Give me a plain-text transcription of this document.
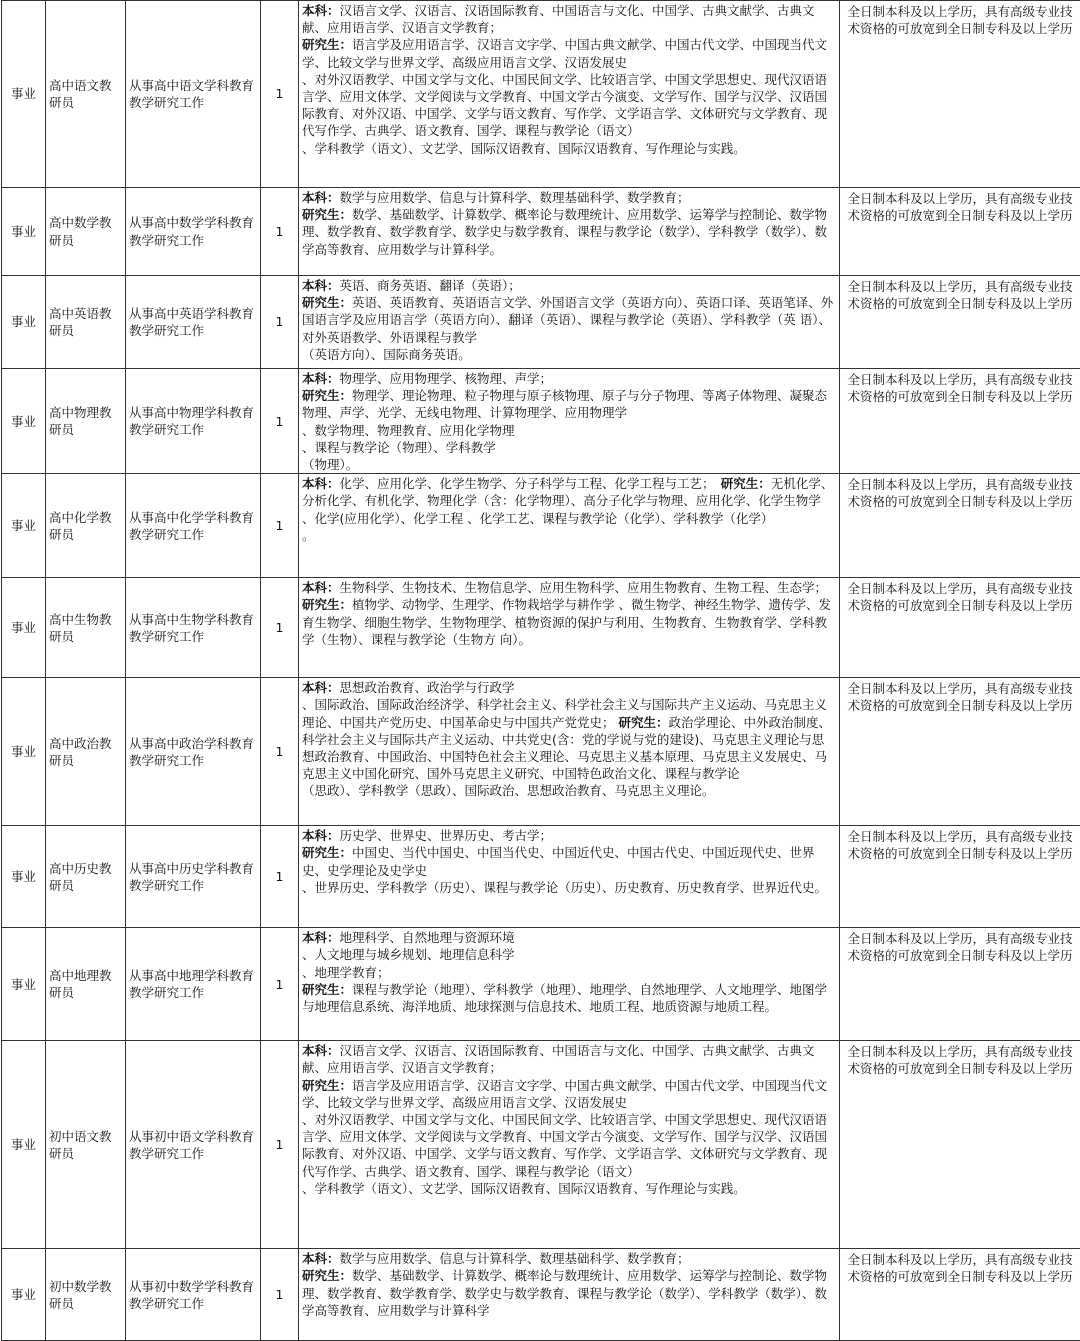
事业	高中语文教研员	从事高中语文学科教育教学研究工作	1	本科：汉语言文学、汉语言、汉语国际教育、中国语言与文化、中国学、古典文献学、古典文献、应用语言学、汉语言文学教育；
研究生：语言学及应用语言学、汉语言文字学、中国古典文献学、中国古代文学、中国现当代文学、比较文学与世界文学、高级应用语言文学、汉语发展史
、对外汉语教学、中国文学与文化、中国民间文学、比较语言学、中国文学思想史、现代汉语语言学、应用文体学、文学阅读与文学教育、中国文学古今演变、文学写作、国学与汉学、汉语国际教育、对外汉语、中国学、文学与语文教育、写作学、文学语言学、文体研究与文学教育、现代写作学、古典学、语文教育、国学、课程与教学论（语文）
、学科教学（语文）、文艺学、国际汉语教育、国际汉语教育、写作理论与实践。	全日制本科及以上学历，具有高级专业技术资格的可放宽到全日制专科及以上学历
事业	高中数学教研员	从事高中数学学科教育教学研究工作	1	本科：数学与应用数学、信息与计算科学、数理基础科学、数学教育；
研究生：数学、基础数学、计算数学、概率论与数理统计、应用数学、运筹学与控制论、数学物理、数学教育、数学教育学、数学史与数学教育、课程与教学论（数学）、学科教学（数学）、数学高等教育、应用数学与计算科学。	全日制本科及以上学历，具有高级专业技术资格的可放宽到全日制专科及以上学历
事业	高中英语教研员	从事高中英语学科教育教学研究工作	1	本科：英语、商务英语、翻译（英语）；
研究生：英语、英语教育、英语语言文学、外国语言文学（英语方向）、英语口译、英语笔译、外国语言学及应用语言学（英语方向）、翻译（英语）、课程与教学论（英语）、学科教学（英 语）、对外英语教学、外语课程与教学
（英语方向）、国际商务英语。	全日制本科及以上学历，具有高级专业技术资格的可放宽到全日制专科及以上学历
事业	高中物理教研员	从事高中物理学科教育教学研究工作	1	本科：物理学、应用物理学、核物理、声学；
研究生：物理学、理论物理、粒子物理与原子核物理、原子与分子物理、等离子体物理、凝聚态物理、声学、光学、无线电物理、计算物理学、应用物理学
、数学物理、物理教育、应用化学物理
、课程与教学论（物理）、学科教学
（物理）。	全日制本科及以上学历，具有高级专业技术资格的可放宽到全日制专科及以上学历
事业	高中化学教研员	从事高中化学学科教育教学研究工作	1	本科：化学、应用化学、化学生物学、分子科学与工程、化学工程与工艺；　 研究生：无机化学、分析化学、有机化学、物理化学（含：化学物理）、高分子化学与物理、应用化学、化学生物学
、化学(应用化学）、化学工程 、化学工艺、课程与教学论（化学）、学科教学（化学）
。	全日制本科及以上学历，具有高级专业技术资格的可放宽到全日制专科及以上学历
事业	高中生物教研员	从事高中生物学科教育教学研究工作	1	本科：生物科学、生物技术、生物信息学、应用生物科学、应用生物教育、生物工程、生态学；
研究生：植物学、动物学、生理学、作物栽培学与耕作学 、微生物学、神经生物学、遗传学、发育生物学、细胞生物学、生物物理学、植物资源的保护与利用、生物教育、生物教育学、学科教学（生物）、课程与教学论（生物方 向）。	全日制本科及以上学历，具有高级专业技术资格的可放宽到全日制专科及以上学历
事业	高中政治教研员	从事高中政治学科教育教学研究工作	1	本科：思想政治教育、政治学与行政学
、国际政治、国际政治经济学、科学社会主义、科学社会主义与国际共产主义运动、马克思主义理论、中国共产党历史、中国革命史与中国共产党党史； 研究生：政治学理论、中外政治制度、科学社会主义与国际共产主义运动、中共党史(含：党的学说与党的建设)、马克思主义理论与思想政治教育、中国政治、中国特色社会主义理论、马克思主义基本原理、马克思主义发展史、马克思主义中国化研究、国外马克思主义研究、中国特色政治文化、课程与教学论
（思政）、学科教学（思政）、国际政治、思想政治教育、马克思主义理论。	全日制本科及以上学历，具有高级专业技术资格的可放宽到全日制专科及以上学历
事业	高中历史教研员	从事高中历史学科教育教学研究工作	1	本科：历史学、世界史、世界历史、考古学；
研究生：中国史、当代中国史、中国当代史、中国近代史、中国古代史、中国近现代史、世界史、史学理论及史学史
、世界历史、学科教学（历史）、课程与教学论（历史）、历史教育、历史教育学、世界近代史。	全日制本科及以上学历，具有高级专业技术资格的可放宽到全日制专科及以上学历
事业	高中地理教研员	从事高中地理学科教育教学研究工作	1	本科：地理科学、自然地理与资源环境
、人文地理与城乡规划、地理信息科学
、地理学教育；
研究生：课程与教学论（地理）、学科教学（地理）、地理学、自然地理学、人文地理学、地图学与地理信息系统、海洋地质、地球探测与信息技术、地质工程、地质资源与地质工程。	全日制本科及以上学历，具有高级专业技术资格的可放宽到全日制专科及以上学历
事业	初中语文教研员	从事初中语文学科教育教学研究工作	1	本科：汉语言文学、汉语言、汉语国际教育、中国语言与文化、中国学、古典文献学、古典文献、应用语言学、汉语言文学教育；
研究生：语言学及应用语言学、汉语言文字学、中国古典文献学、中国古代文学、中国现当代文学、比较文学与世界文学、高级应用语言文学、汉语发展史
、对外汉语教学、中国文学与文化、中国民间文学、比较语言学、中国文学思想史、现代汉语语言学、应用文体学、文学阅读与文学教育、中国文学古今演变、文学写作、国学与汉学、汉语国际教育、对外汉语、中国学、文学与语文教育、写作学、文学语言学、文体研究与文学教育、现代写作学、古典学、语文教育、国学、课程与教学论（语文）
、学科教学（语文）、文艺学、国际汉语教育、国际汉语教育、写作理论与实践。	全日制本科及以上学历，具有高级专业技术资格的可放宽到全日制专科及以上学历
事业	初中数学教研员	从事初中数学学科教育教学研究工作	1	本科：数学与应用数学、信息与计算科学、数理基础科学、数学教育；
研究生：数学、基础数学、计算数学、概率论与数理统计、应用数学、运筹学与控制论、数学物理、数学教育、数学教育学、数学史与数学教育、课程与教学论（数学）、学科教学（数学）、数学高等教育、应用数学与计算科学	全日制本科及以上学历，具有高级专业技术资格的可放宽到全日制专科及以上学历
